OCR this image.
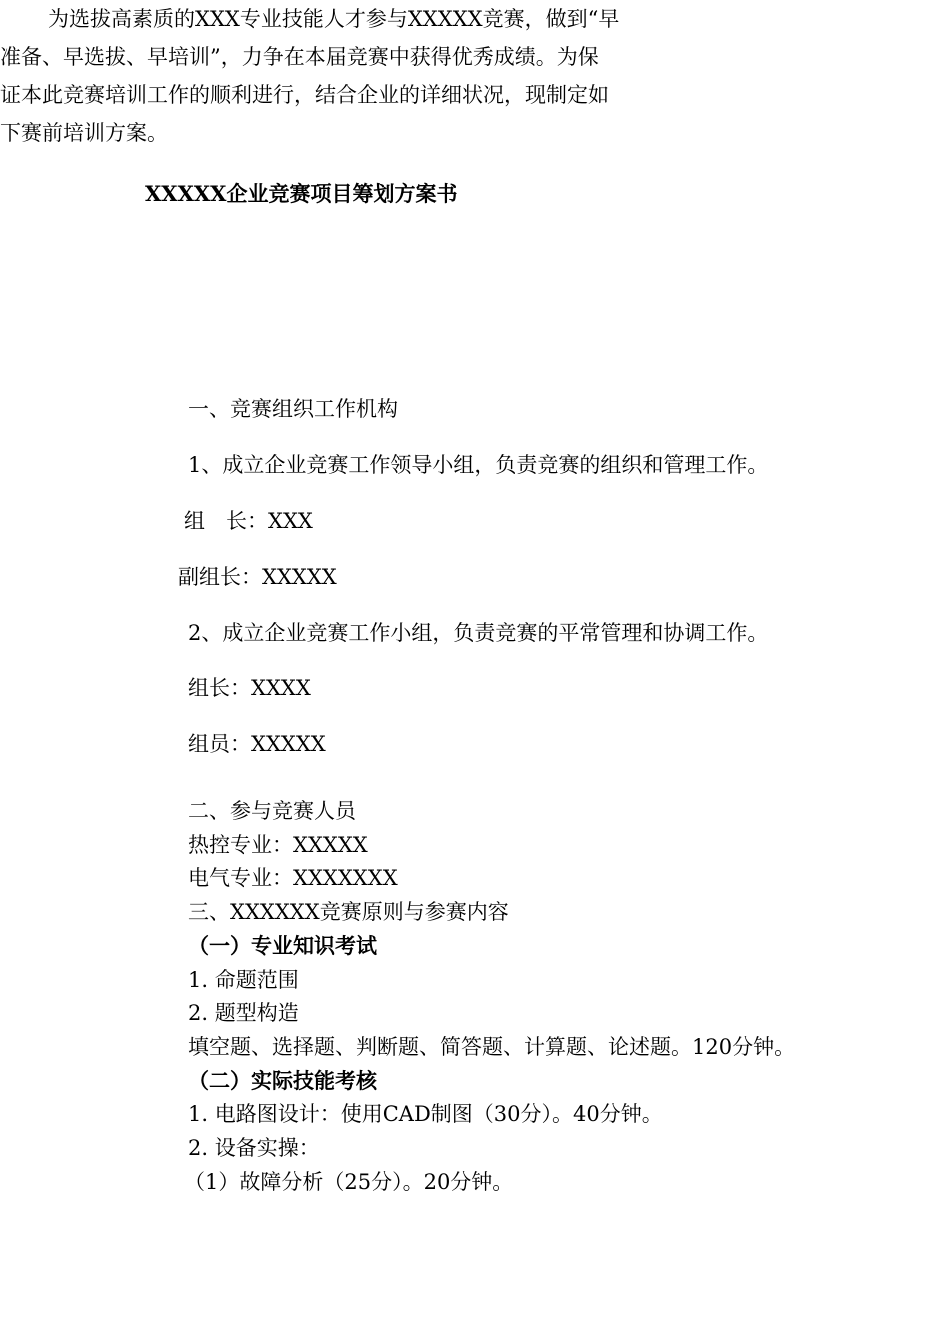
XXXXX企业竞赛项目筹划方案书

为选拔高素质的XXX专业技能人才参与XXXXX竞赛，做到“早

准备、早选拔、早培训”，力争在本届竞赛中获得优秀成绩。为保

证本此竞赛培训工作的顺利进行，结合企业的详细状况，现制定如

下赛前培训方案。

一、竞赛组织工作机构

1、成立企业竞赛工作领导小组，负责竞赛的组织和管理工作。

组　长：XXX

副组长：XXXXX

2、成立企业竞赛工作小组，负责竞赛的平常管理和协调工作。

组长：XXXX

组员：XXXXX

二、参与竞赛人员

热控专业：XXXXX

电气专业：XXXXXXX

三、XXXXXX竞赛原则与参赛内容

（一）专业知识考试

1. 命题范围

2. 题型构造

填空题、选择题、判断题、简答题、计算题、论述题。120分钟。

（二）实际技能考核

1. 电路图设计：使用CAD制图（30分）。40分钟。

2. 设备实操：

（1）故障分析（25分）。20分钟。
